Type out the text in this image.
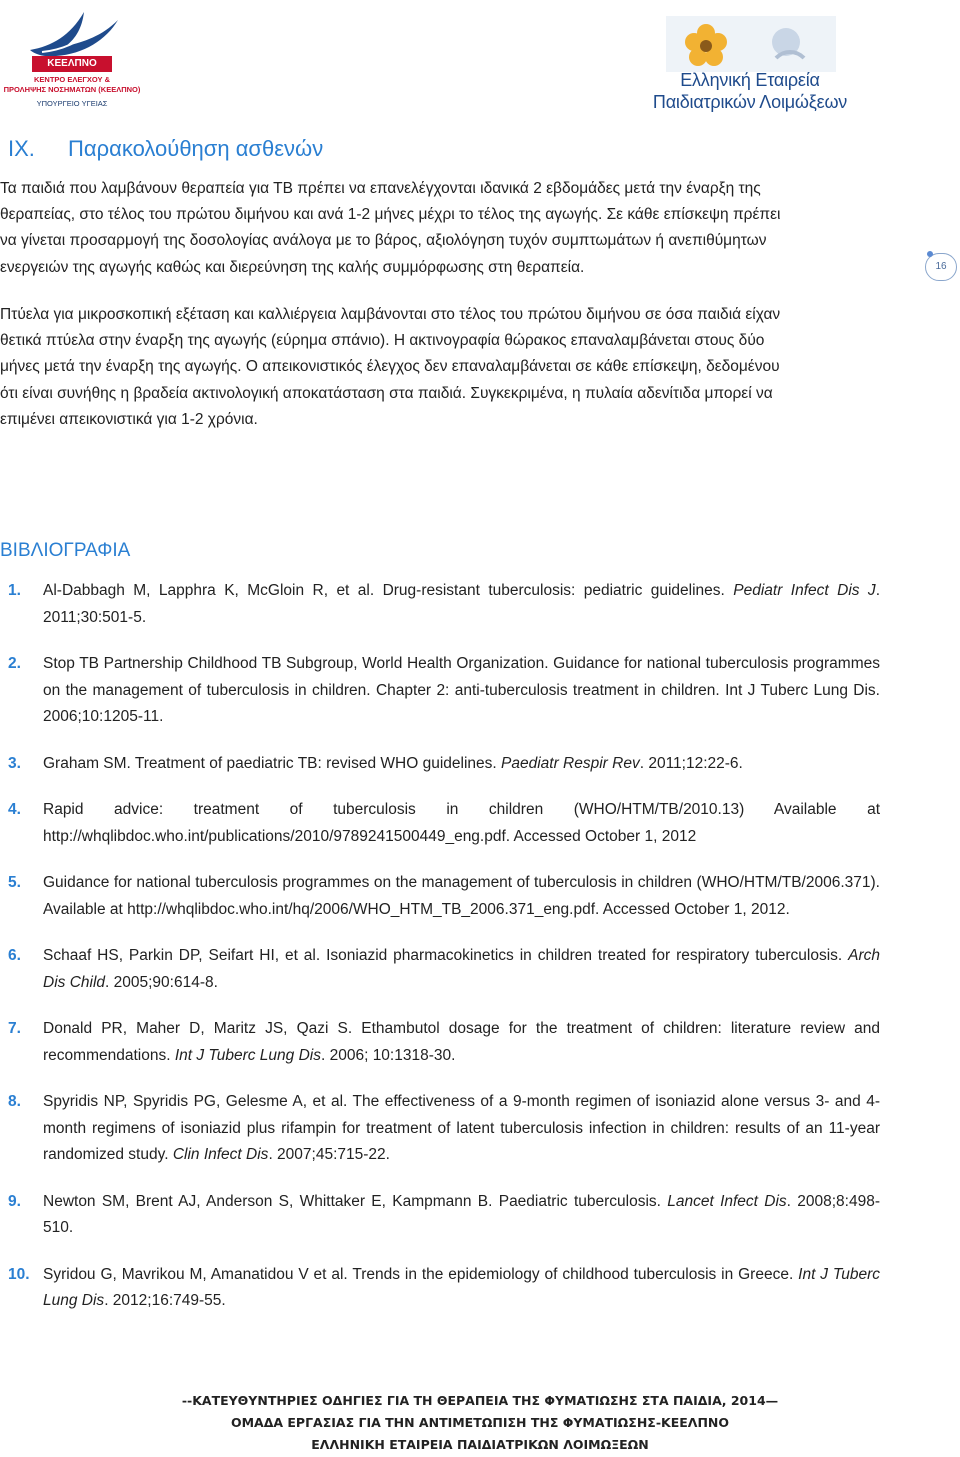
ΚΕΕΛΠΝΟ
ΚΕΝΤΡΟ ΕΛΕΓΧΟΥ &
ΠΡΟΛΗΨΗΣ ΝΟΣΗΜΑΤΩΝ (ΚΕΕΛΠΝΟ)
ΥΠΟΥΡΓΕΙΟ ΥΓΕΙΑΣ
Ελληνική Εταιρεία
Παιδιατρικών Λοιμώξεων
16
IX. Παρακολούθηση ασθενών
Τα παιδιά που λαμβάνουν θεραπεία για ΤΒ πρέπει να επανελέγχονται ιδανικά 2 εβδομάδες μετά την έναρξη της
θεραπείας, στο τέλος του πρώτου διμήνου και ανά 1-2 μήνες μέχρι το τέλος της αγωγής. Σε κάθε επίσκεψη πρέπει
να γίνεται προσαρμογή της δοσολογίας ανάλογα με το βάρος, αξιολόγηση τυχόν συμπτωμάτων ή ανεπιθύμητων
ενεργειών της αγωγής καθώς και διερεύνηση της καλής συμμόρφωσης στη θεραπεία.
Πτύελα για μικροσκοπική εξέταση και καλλιέργεια λαμβάνονται στο τέλος του πρώτου διμήνου σε όσα παιδιά είχαν
θετικά πτύελα στην έναρξη της αγωγής (εύρημα σπάνιο). Η ακτινογραφία θώρακος επαναλαμβάνεται στους δύο
μήνες μετά την έναρξη της αγωγής. Ο απεικονιστικός έλεγχος δεν επαναλαμβάνεται σε κάθε επίσκεψη, δεδομένου
ότι είναι συνήθης η βραδεία ακτινολογική αποκατάσταση στα παιδιά. Συγκεκριμένα, η πυλαία αδενίτιδα μπορεί να
επιμένει απεικονιστικά για 1-2 χρόνια.
ΒΙΒΛΙΟΓΡΑΦΙΑ
1. Al-Dabbagh M, Lapphra K, McGloin R, et al. Drug-resistant tuberculosis: pediatric guidelines. Pediatr Infect Dis J. 2011;30:501-5.
2. Stop TB Partnership Childhood TB Subgroup, World Health Organization. Guidance for national tuberculosis programmes on the management of tuberculosis in children. Chapter 2: anti-tuberculosis treatment in children. Int J Tuberc Lung Dis. 2006;10:1205-11.
3. Graham SM. Treatment of paediatric TB: revised WHO guidelines. Paediatr Respir Rev. 2011;12:22-6.
4. Rapid advice: treatment of tuberculosis in children (WHO/HTM/TB/2010.13) Available at http://whqlibdoc.who.int/publications/2010/9789241500449_eng.pdf. Accessed October 1, 2012
5. Guidance for national tuberculosis programmes on the management of tuberculosis in children (WHO/HTM/TB/2006.371). Available at http://whqlibdoc.who.int/hq/2006/WHO_HTM_TB_2006.371_eng.pdf. Accessed October 1, 2012.
6. Schaaf HS, Parkin DP, Seifart HI, et al. Isoniazid pharmacokinetics in children treated for respiratory tuberculosis. Arch Dis Child. 2005;90:614-8.
7. Donald PR, Maher D, Maritz JS, Qazi S. Ethambutol dosage for the treatment of children: literature review and recommendations. Int J Tuberc Lung Dis. 2006; 10:1318-30.
8. Spyridis NP, Spyridis PG, Gelesme A, et al. The effectiveness of a 9-month regimen of isoniazid alone versus 3- and 4-month regimens of isoniazid plus rifampin for treatment of latent tuberculosis infection in children: results of an 11-year randomized study. Clin Infect Dis. 2007;45:715-22.
9. Newton SM, Brent AJ, Anderson S, Whittaker E, Kampmann B. Paediatric tuberculosis. Lancet Infect Dis. 2008;8:498-510.
10. Syridou G, Mavrikou M, Amanatidou V et al. Trends in the epidemiology of childhood tuberculosis in Greece. Int J Tuberc Lung Dis. 2012;16:749-55.
--ΚΑΤΕΥΘΥΝΤΗΡΙΕΣ ΟΔΗΓΙΕΣ ΓΙΑ ΤΗ ΘΕΡΑΠΕΙΑ ΤΗΣ ΦΥΜΑΤΙΩΣΗΣ ΣΤΑ ΠΑΙΔΙΑ, 2014—
ΟΜΑΔΑ ΕΡΓΑΣΙΑΣ ΓΙΑ ΤΗΝ ΑΝΤΙΜΕΤΩΠΙΣΗ ΤΗΣ ΦΥΜΑΤΙΩΣΗΣ-ΚΕΕΛΠΝΟ
ΕΛΛΗΝΙΚΗ ΕΤΑΙΡΕΙΑ ΠΑΙΔΙΑΤΡΙΚΩΝ ΛΟΙΜΩΞΕΩΝ
